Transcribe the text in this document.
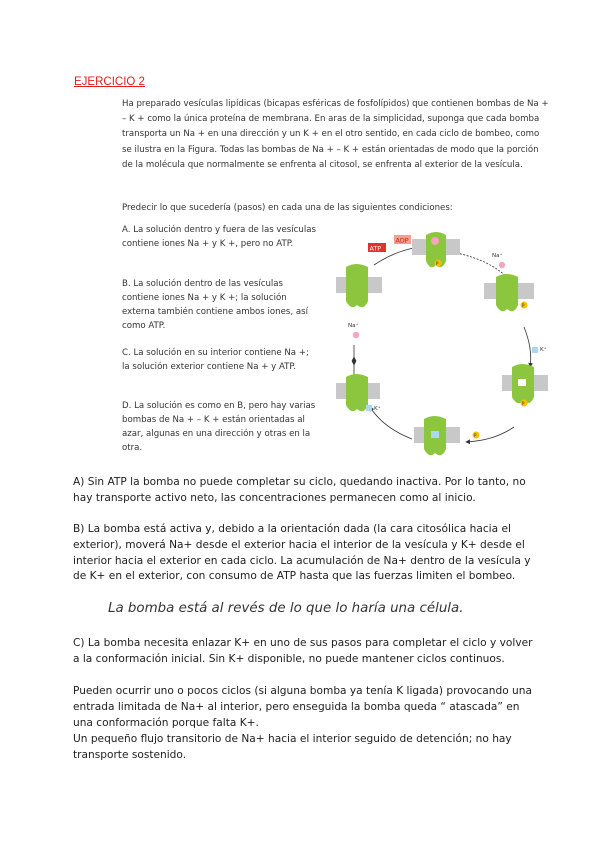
EJERCICIO 2
Ha preparado vesículas lipídicas (bicapas esféricas de fosfolípidos) que contienen bombas de Na + – K + como la única proteína de membrana. En aras de la simplicidad, suponga que cada bomba transporta un Na + en una dirección y un K + en el otro sentido, en cada ciclo de bombeo, como se ilustra en la Figura. Todas las bombas de Na + – K + están orientadas de modo que la porción de la molécula que normalmente se enfrenta al citosol, se enfrenta al exterior de la vesícula.
Predecir lo que sucedería (pasos) en cada una de las siguientes condiciones:
A. La solución dentro y fuera de las vesículas contiene iones Na + y K +, pero no ATP.
B. La solución dentro de las vesículas contiene iones Na + y K +; la solución externa también contiene ambos iones, así como ATP.
C. La solución en su interior contiene Na +; la solución exterior contiene Na + y ATP.
D. La solución es como en B, pero hay varias bombas de Na + – K + están orientadas al azar, algunas en una dirección y otras en la otra.
ATP
ADP
Na⁺
Na⁺
K⁺
K⁺
P
P
P
P

A) Sin ATP la bomba no puede completar su ciclo, quedando inactiva. Por lo tanto, no hay transporte activo neto, las concentraciones permanecen como al inicio.

B) La bomba está activa y, debido a la orientación dada (la cara citosólica hacia el exterior), moverá Na+ desde el exterior hacia el interior de la vesícula y K+ desde el interior hacia el exterior en cada ciclo. La acumulación de Na+ dentro de la vesícula y de K+ en el exterior, con consumo de ATP hasta que las fuerzas limiten el bombeo.

C) La bomba necesita enlazar K+ en uno de sus pasos para completar el ciclo y volver a la conformación inicial. Sin K+ disponible, no puede mantener ciclos continuos.

Pueden ocurrir uno o pocos ciclos (si alguna bomba ya tenía K ligada) provocando una entrada limitada de Na+ al interior, pero enseguida la bomba queda “ atascada” en una conformación porque falta K+.

Un pequeño flujo transitorio de Na+ hacia el interior seguido de detención; no hay transporte sostenido.

La bomba está al revés de lo que lo haría una célula.
